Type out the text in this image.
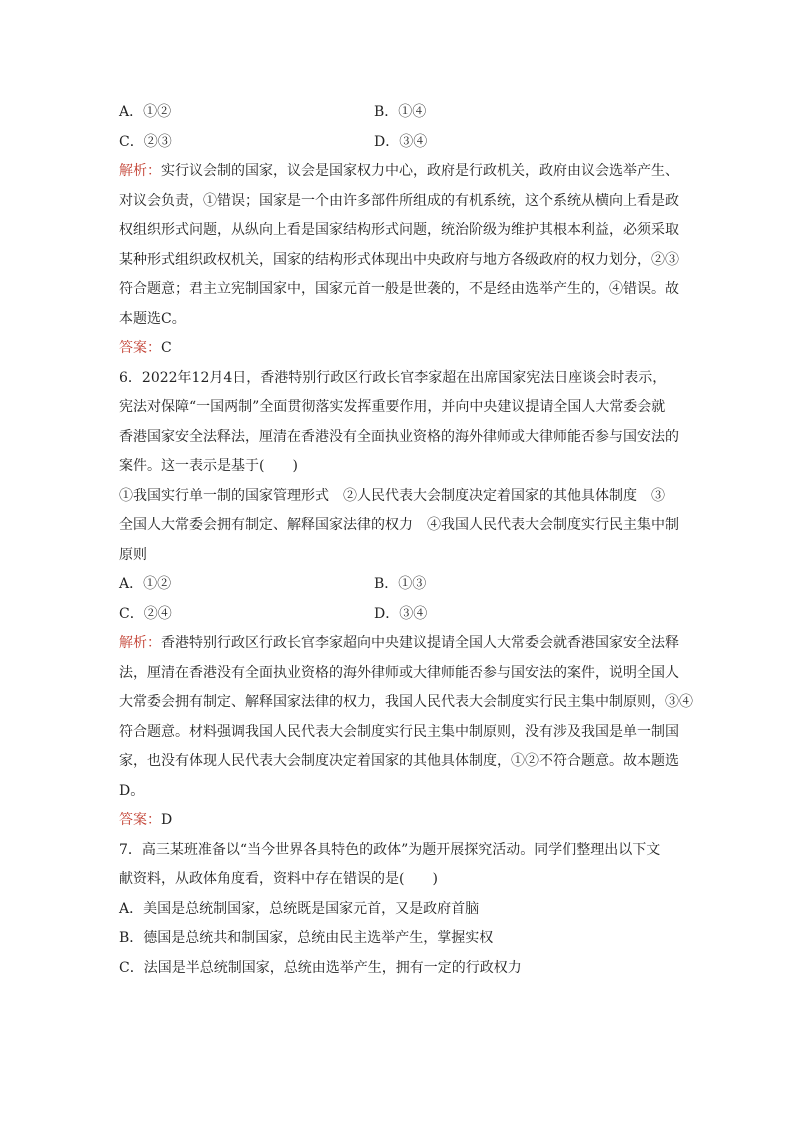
A．①②	B．①④
C．②③	D．③④
解析：实行议会制的国家，议会是国家权力中心，政府是行政机关，政府由议会选举产生、
对议会负责，①错误；国家是一个由许多部件所组成的有机系统，这个系统从横向上看是政
权组织形式问题，从纵向上看是国家结构形式问题，统治阶级为维护其根本利益，必须采取
某种形式组织政权机关，国家的结构形式体现出中央政府与地方各级政府的权力划分，②③
符合题意；君主立宪制国家中，国家元首一般是世袭的，不是经由选举产生的，④错误。故
本题选C。
答案：C
6．2022年12月4日，香港特别行政区行政长官李家超在出席国家宪法日座谈会时表示，
宪法对保障“一国两制”全面贯彻落实发挥重要作用，并向中央建议提请全国人大常委会就
香港国家安全法释法，厘清在香港没有全面执业资格的海外律师或大律师能否参与国安法的
案件。这一表示是基于(　　)
①我国实行单一制的国家管理形式　②人民代表大会制度决定着国家的其他具体制度　③
全国人大常委会拥有制定、解释国家法律的权力　④我国人民代表大会制度实行民主集中制
原则
A．①②	B．①③
C．②④	D．③④
解析：香港特别行政区行政长官李家超向中央建议提请全国人大常委会就香港国家安全法释
法，厘清在香港没有全面执业资格的海外律师或大律师能否参与国安法的案件，说明全国人
大常委会拥有制定、解释国家法律的权力，我国人民代表大会制度实行民主集中制原则，③④
符合题意。材料强调我国人民代表大会制度实行民主集中制原则，没有涉及我国是单一制国
家，也没有体现人民代表大会制度决定着国家的其他具体制度，①②不符合题意。故本题选
D。
答案：D
7．高三某班准备以“当今世界各具特色的政体”为题开展探究活动。同学们整理出以下文
献资料，从政体角度看，资料中存在错误的是(　　)
A．美国是总统制国家，总统既是国家元首，又是政府首脑
B．德国是总统共和制国家，总统由民主选举产生，掌握实权
C．法国是半总统制国家，总统由选举产生，拥有一定的行政权力
